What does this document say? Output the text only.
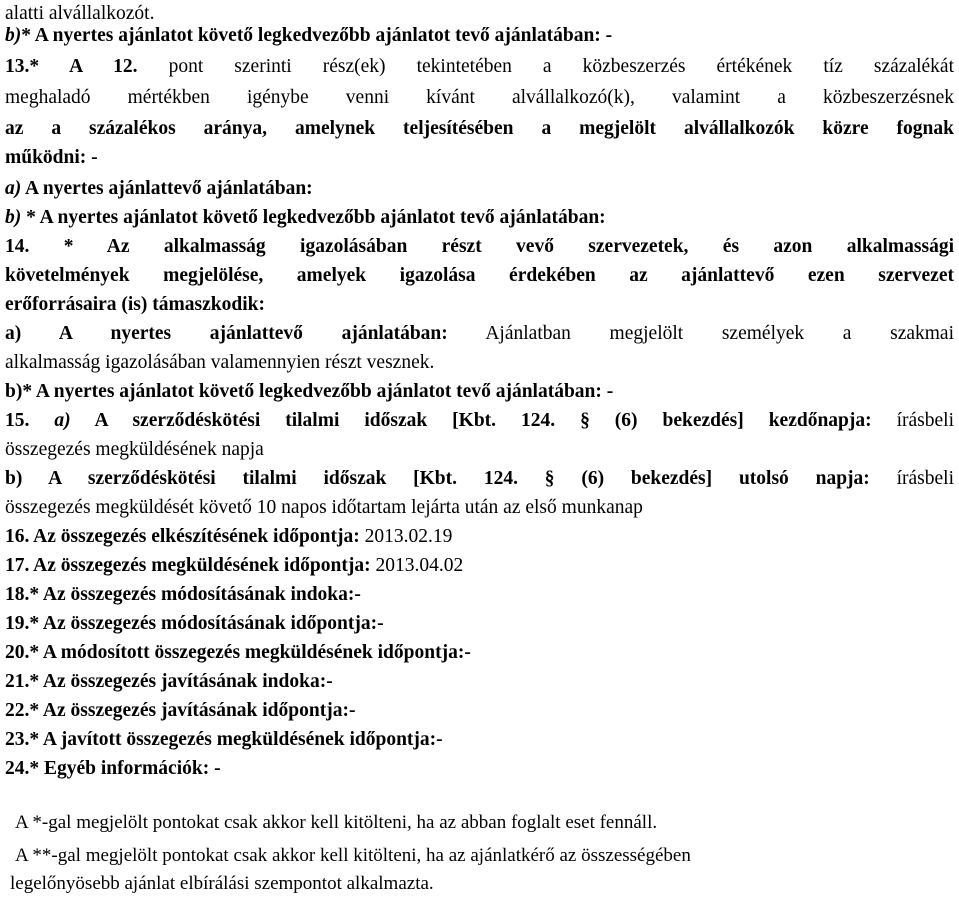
alatti alvállalkozót.
b)* A nyertes ajánlatot követő legkedvezőbb ajánlatot tevő ajánlatában: -
13.* A 12. pont szerinti rész(ek) tekintetében a közbeszerzés értékének tíz százalékát
meghaladó mértékben igénybe venni kívánt alvállalkozó(k), valamint a közbeszerzésnek
az a százalékos aránya, amelynek teljesítésében a megjelölt alvállalkozók közre fognak
működni: -
a) A nyertes ajánlattevő ajánlatában:
b) * A nyertes ajánlatot követő legkedvezőbb ajánlatot tevő ajánlatában:
14. * Az alkalmasság igazolásában részt vevő szervezetek, és azon alkalmassági
követelmények megjelölése, amelyek igazolása érdekében az ajánlattevő ezen szervezet
erőforrásaira (is) támaszkodik:
a) A nyertes ajánlattevő ajánlatában: Ajánlatban megjelölt személyek a szakmai
alkalmasság igazolásában valamennyien részt vesznek.
b)* A nyertes ajánlatot követő legkedvezőbb ajánlatot tevő ajánlatában: -
15. a) A szerződéskötési tilalmi időszak [Kbt. 124. § (6) bekezdés] kezdőnapja: írásbeli
összegezés megküldésének napja
b) A szerződéskötési tilalmi időszak [Kbt. 124. § (6) bekezdés] utolsó napja: írásbeli
összegezés megküldését követő 10 napos időtartam lejárta után az első munkanap
16. Az összegezés elkészítésének időpontja: 2013.02.19
17. Az összegezés megküldésének időpontja: 2013.04.02
18.* Az összegezés módosításának indoka:-
19.* Az összegezés módosításának időpontja:-
20.* A módosított összegezés megküldésének időpontja:-
21.* Az összegezés javításának indoka:-
22.* Az összegezés javításának időpontja:-
23.* A javított összegezés megküldésének időpontja:-
24.* Egyéb információk: -
A *-gal megjelölt pontokat csak akkor kell kitölteni, ha az abban foglalt eset fennáll.
A **-gal megjelölt pontokat csak akkor kell kitölteni, ha az ajánlatkérő az összességében
legelőnyösebb ajánlat elbírálási szempontot alkalmazta.
